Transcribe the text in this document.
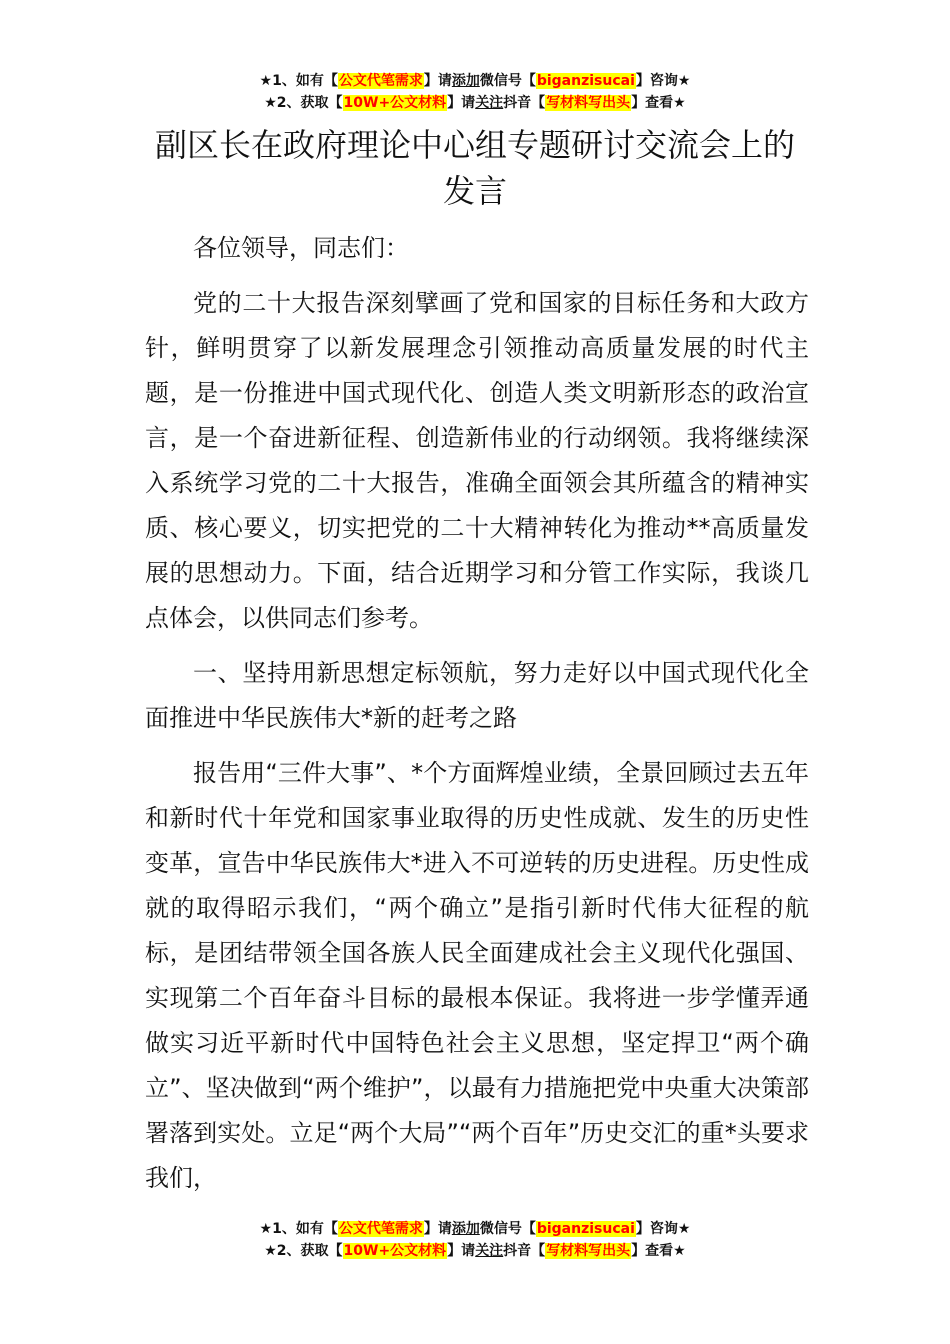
★1、如有【公文代笔需求】请添加微信号【biganzisucai】咨询★
★2、获取【10W+公文材料】请关注抖音【写材料写出头】查看★
副区长在政府理论中心组专题研讨交流会上的发言

各位领导，同志们：

党的二十大报告深刻擘画了党和国家的目标任务和大政方针，鲜明贯穿了以新发展理念引领推动高质量发展的时代主题，是一份推进中国式现代化、创造人类文明新形态的政治宣言，是一个奋进新征程、创造新伟业的行动纲领。我将继续深入系统学习党的二十大报告，准确全面领会其所蕴含的精神实质、核心要义，切实把党的二十大精神转化为推动**高质量发展的思想动力。下面，结合近期学习和分管工作实际，我谈几点体会，以供同志们参考。

一、坚持用新思想定标领航，努力走好以中国式现代化全面推进中华民族伟大*新的赶考之路

报告用“三件大事”、*个方面辉煌业绩，全景回顾过去五年和新时代十年党和国家事业取得的历史性成就、发生的历史性变革，宣告中华民族伟大*进入不可逆转的历史进程。历史性成就的取得昭示我们，“两个确立”是指引新时代伟大征程的航标，是团结带领全国各族人民全面建成社会主义现代化强国、实现第二个百年奋斗目标的最根本保证。我将进一步学懂弄通做实习近平新时代中国特色社会主义思想，坚定捍卫“两个确立”、坚决做到“两个维护”，以最有力措施把党中央重大决策部署落到实处。立足“两个大局”“两个百年”历史交汇的重*头要求我们，

★1、如有【公文代笔需求】请添加微信号【biganzisucai】咨询★
★2、获取【10W+公文材料】请关注抖音【写材料写出头】查看★
